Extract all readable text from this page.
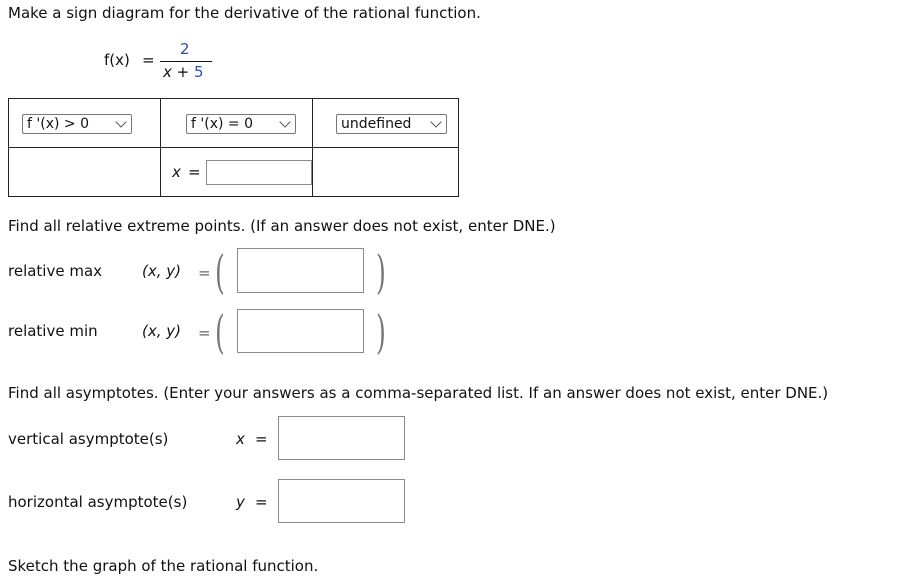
Make a sign diagram for the derivative of the rational function.
f(x) =
2
x + 5
f '(x) > 0	f '(x) = 0	undefined

	x =	

Find all relative extreme points. (If an answer does not exist, enter DNE.)
relative max	(x, y) = (	)
relative min	(x, y) = (	)
Find all asymptotes. (Enter your answers as a comma-separated list. If an answer does not exist, enter DNE.)
vertical asymptote(s)	x =
horizontal asymptote(s)	y =
Sketch the graph of the rational function.
